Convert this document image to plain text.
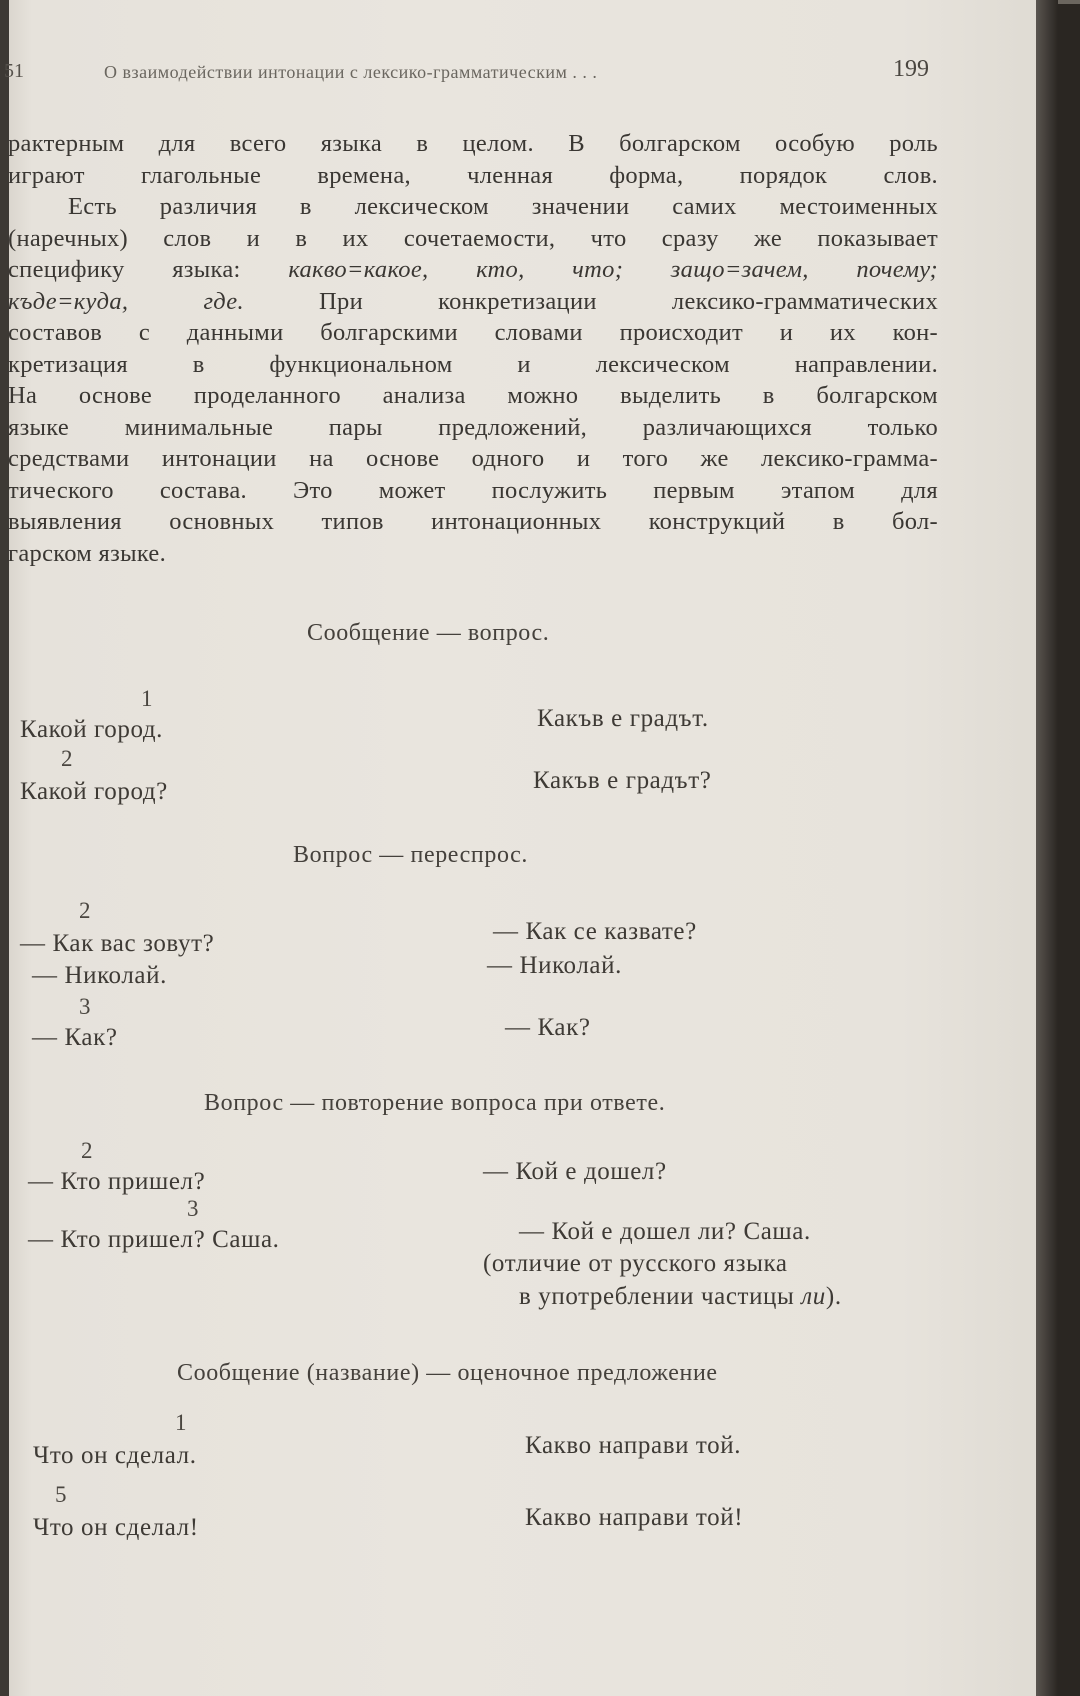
51	О взаимодействии интонации с лексико-грамматическим . . .	199
рактерным для всего языка в целом. В болгарском особую роль
играют глагольные времена, членная форма, порядок слов.
Есть различия в лексическом значении самих местоименных
(наречных) слов и в их сочетаемости, что сразу же показывает
специфику языка: какво=какое, кто, что; защо=зачем, почему;
къде=куда, где.	При конкретизации лексико-грамматических
составов с данными болгарскими словами происходит и их кон-
кретизация в функциональном и лексическом направлении.
На основе проделанного анализа можно выделить в болгарском
языке минимальные пары предложений, различающихся только
средствами интонации на основе одного и того же лексико-грамма-
тического состава. Это может послужить первым этапом для
выявления основных типов интонационных конструкций в бол-
гарском языке.
Сообщение — вопрос.
1
Какой город.	Какъв е градът.
2
Какой город?	Какъв е градът?
Вопрос — переспрос.
2
— Как вас зовут?	— Как се казвате?
— Николай.	— Николай.
3
— Как?	— Как?
Вопрос — повторение вопроса при ответе.
2
— Кто пришел?	— Кой е дошел?
3
— Кто пришел? Саша.	— Кой е дошел ли? Саша.
(отличие от русского языка
в употреблении частицы ли).
Сообщение (название) — оценочное предложение
1
Что он сделал.	Какво направи той.
5
Что он сделал!	Какво направи той!
